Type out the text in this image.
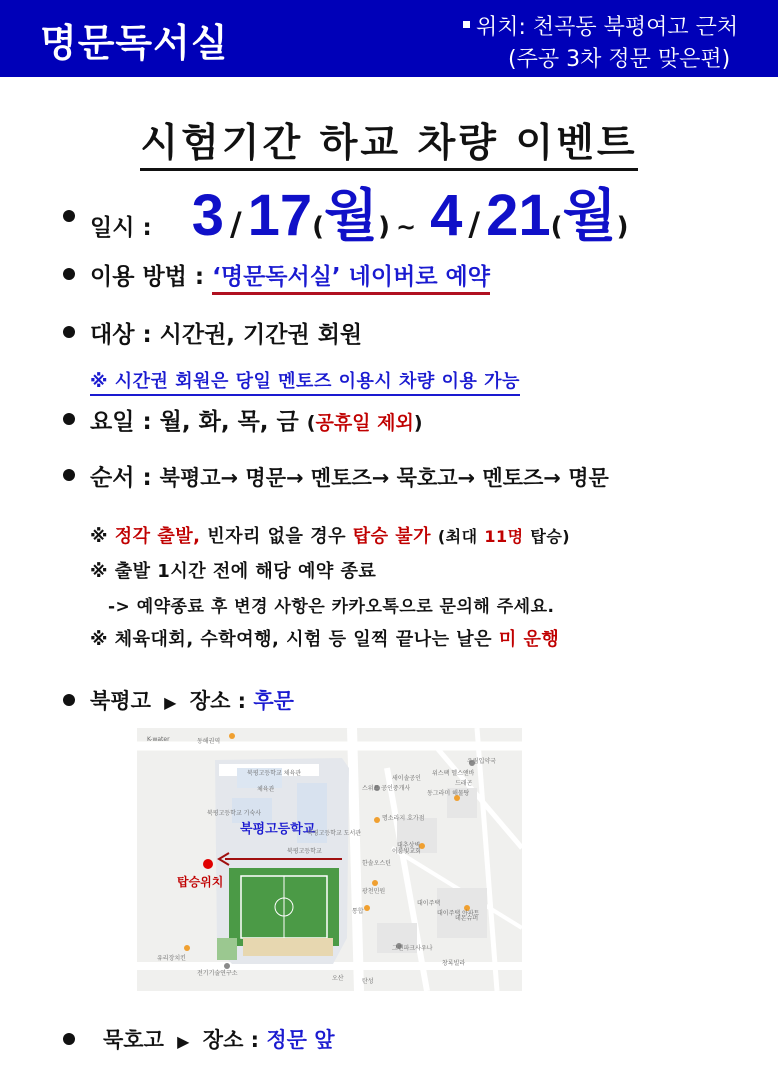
명문독서실	위치: 천곡동 북평여고 근처
(주공 3차 정문 맞은편)
시험기간 하교 차량 이벤트
일시 : 3 / 17(월) ~ 4 / 21(월)
이용 방법 : ‘명문독서실’ 네이버로 예약
대상 : 시간권, 기간권 회원
※ 시간권 회원은 당일 멘토즈 이용시 차량 이용 가능
요일 : 월, 화, 목, 금 (공휴일 제외)
순서 : 북평고→ 명문→ 멘토즈→ 묵호고→ 멘토즈→ 명문
※ 정각 출발, 빈자리 없을 경우 탑승 불가 (최대 11명 탑승)
※ 출발 1시간 전에 해당 예약 종료
-> 예약종료 후 변경 사항은 카카오톡으로 문의해 주세요.
※ 체육대회, 수학여행, 시험 등 일찍 끝나는 날은 미 운행
북평고 ▶ 장소 : 후문
북평고등학교
탑승위치
K-water	동해권역
북평고등학교 체육관
체육관
북평고등학교 기숙사
북평고등학교 도서관
북평고등학교
새이솔공인
위스팩 헬스앤바
우림입약국
드래곤
스위트 공인중개사
동그라미 해물탕
명소라지 호가점
대추상벽
이룸빛교회
한솔오스틴
광천민원
통합
대이주택
대이주택 아파트
데몬슈퍼
그린파크사우나
창록빌라
유리장치킨
전기기술연구소
오산	탄성
묵호고 ▶ 장소 : 정문 앞
